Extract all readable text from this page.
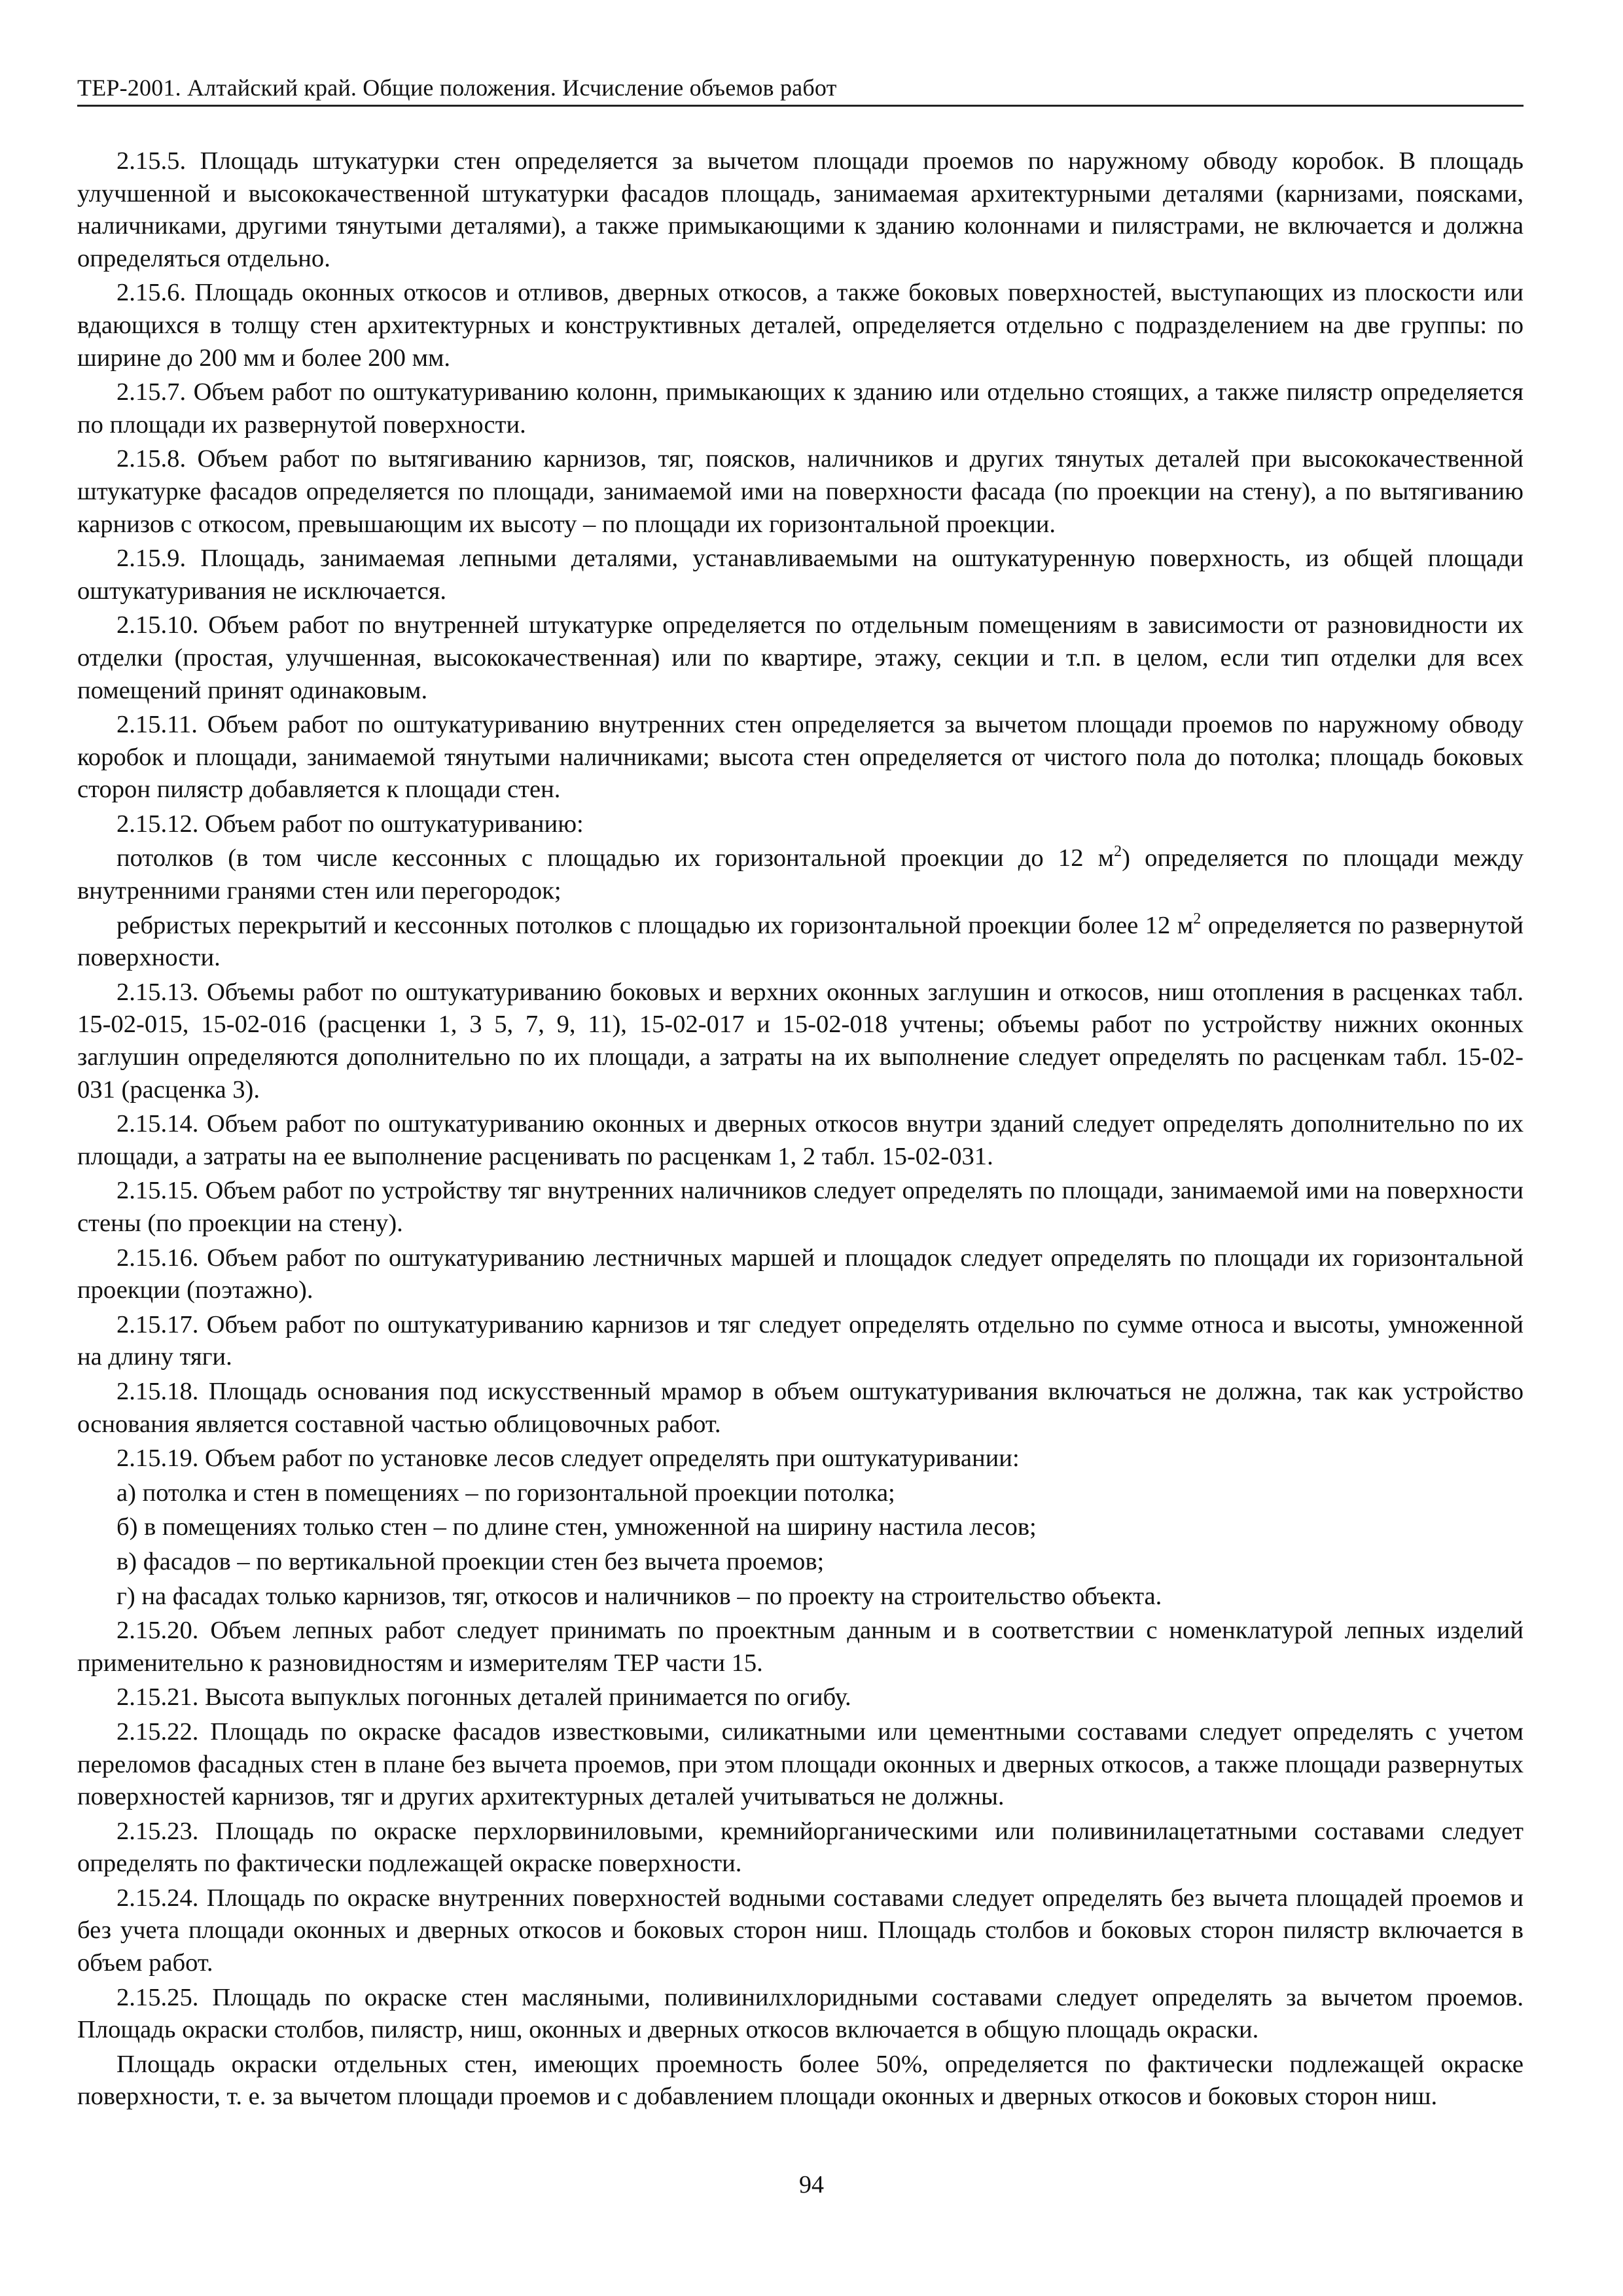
ТЕР-2001. Алтайский край. Общие положения. Исчисление объемов работ

2.15.5. Площадь штукатурки стен определяется за вычетом площади проемов по наружному обводу коробок. В площадь улучшенной и высококачественной штукатурки фасадов площадь, занимаемая архитектурными деталями (карнизами, поясками, наличниками, другими тянутыми деталями), а также примыкающими к зданию колоннами и пилястрами, не включается и должна определяться отдельно.

2.15.6. Площадь оконных откосов и отливов, дверных откосов, а также боковых поверхностей, выступающих из плоскости или вдающихся в толщу стен архитектурных и конструктивных деталей, определяется отдельно с подразделением на две группы: по ширине до 200 мм и более 200 мм.

2.15.7. Объем работ по оштукатуриванию колонн, примыкающих к зданию или отдельно стоящих, а также пилястр определяется по площади их развернутой поверхности.

2.15.8. Объем работ по вытягиванию карнизов, тяг, поясков, наличников и других тянутых деталей при высококачественной штукатурке фасадов определяется по площади, занимаемой ими на поверхности фасада (по проекции на стену), а по вытягиванию карнизов с откосом, превышающим их высоту – по площади их горизонтальной проекции.

2.15.9. Площадь, занимаемая лепными деталями, устанавливаемыми на оштукатуренную поверхность, из общей площади оштукатуривания не исключается.

2.15.10. Объем работ по внутренней штукатурке определяется по отдельным помещениям в зависимости от разновидности их отделки (простая, улучшенная, высококачественная) или по квартире, этажу, секции и т.п. в целом, если тип отделки для всех помещений принят одинаковым.

2.15.11. Объем работ по оштукатуриванию внутренних стен определяется за вычетом площади проемов по наружному обводу коробок и площади, занимаемой тянутыми наличниками; высота стен определяется от чистого пола до потолка; площадь боковых сторон пилястр добавляется к площади стен.

2.15.12. Объем работ по оштукатуриванию:

потолков (в том числе кессонных с площадью их горизонтальной проекции до 12 $м^2$) определяется по площади между внутренними гранями стен или перегородок;

ребристых перекрытий и кессонных потолков с площадью их горизонтальной проекции более 12 $м^2$ определяется по развернутой поверхности.

2.15.13. Объемы работ по оштукатуриванию боковых и верхних оконных заглушин и откосов, ниш отопления в расценках табл. 15-02-015, 15-02-016 (расценки 1, 3 5, 7, 9, 11), 15-02-017 и 15-02-018 учтены; объемы работ по устройству нижних оконных заглушин определяются дополнительно по их площади, а затраты на их выполнение следует определять по расценкам табл. 15-02-031 (расценка 3).

2.15.14. Объем работ по оштукатуриванию оконных и дверных откосов внутри зданий следует определять дополнительно по их площади, а затраты на ее выполнение расценивать по расценкам 1, 2 табл. 15-02-031.

2.15.15. Объем работ по устройству тяг внутренних наличников следует определять по площади, занимаемой ими на поверхности стены (по проекции на стену).

2.15.16. Объем работ по оштукатуриванию лестничных маршей и площадок следует определять по площади их горизонтальной проекции (поэтажно).

2.15.17. Объем работ по оштукатуриванию карнизов и тяг следует определять отдельно по сумме относа и высоты, умноженной на длину тяги.

2.15.18. Площадь основания под искусственный мрамор в объем оштукатуривания включаться не должна, так как устройство основания является составной частью облицовочных работ.

2.15.19. Объем работ по установке лесов следует определять при оштукатуривании:

а) потолка и стен в помещениях – по горизонтальной проекции потолка;

б) в помещениях только стен – по длине стен, умноженной на ширину настила лесов;

в) фасадов – по вертикальной проекции стен без вычета проемов;

г) на фасадах только карнизов, тяг, откосов и наличников – по проекту на строительство объекта.

2.15.20. Объем лепных работ следует принимать по проектным данным и в соответствии с номенклатурой лепных изделий применительно к разновидностям и измерителям ТЕР части 15.

2.15.21. Высота выпуклых погонных деталей принимается по огибу.

2.15.22. Площадь по окраске фасадов известковыми, силикатными или цементными составами следует определять с учетом переломов фасадных стен в плане без вычета проемов, при этом площади оконных и дверных откосов, а также площади развернутых поверхностей карнизов, тяг и других архитектурных деталей учитываться не должны.

2.15.23. Площадь по окраске перхлорвиниловыми, кремнийорганическими или поливинилацетатными составами следует определять по фактически подлежащей окраске поверхности.

2.15.24. Площадь по окраске внутренних поверхностей водными составами следует определять без вычета площадей проемов и без учета площади оконных и дверных откосов и боковых сторон ниш. Площадь столбов и боковых сторон пилястр включается в объем работ.

2.15.25. Площадь по окраске стен масляными, поливинилхлоридными составами следует определять за вычетом проемов. Площадь окраски столбов, пилястр, ниш, оконных и дверных откосов включается в общую площадь окраски.

Площадь окраски отдельных стен, имеющих проемность более 50%, определяется по фактически подлежащей окраске поверхности, т. е. за вычетом площади проемов и с добавлением площади оконных и дверных откосов и боковых сторон ниш.

94
